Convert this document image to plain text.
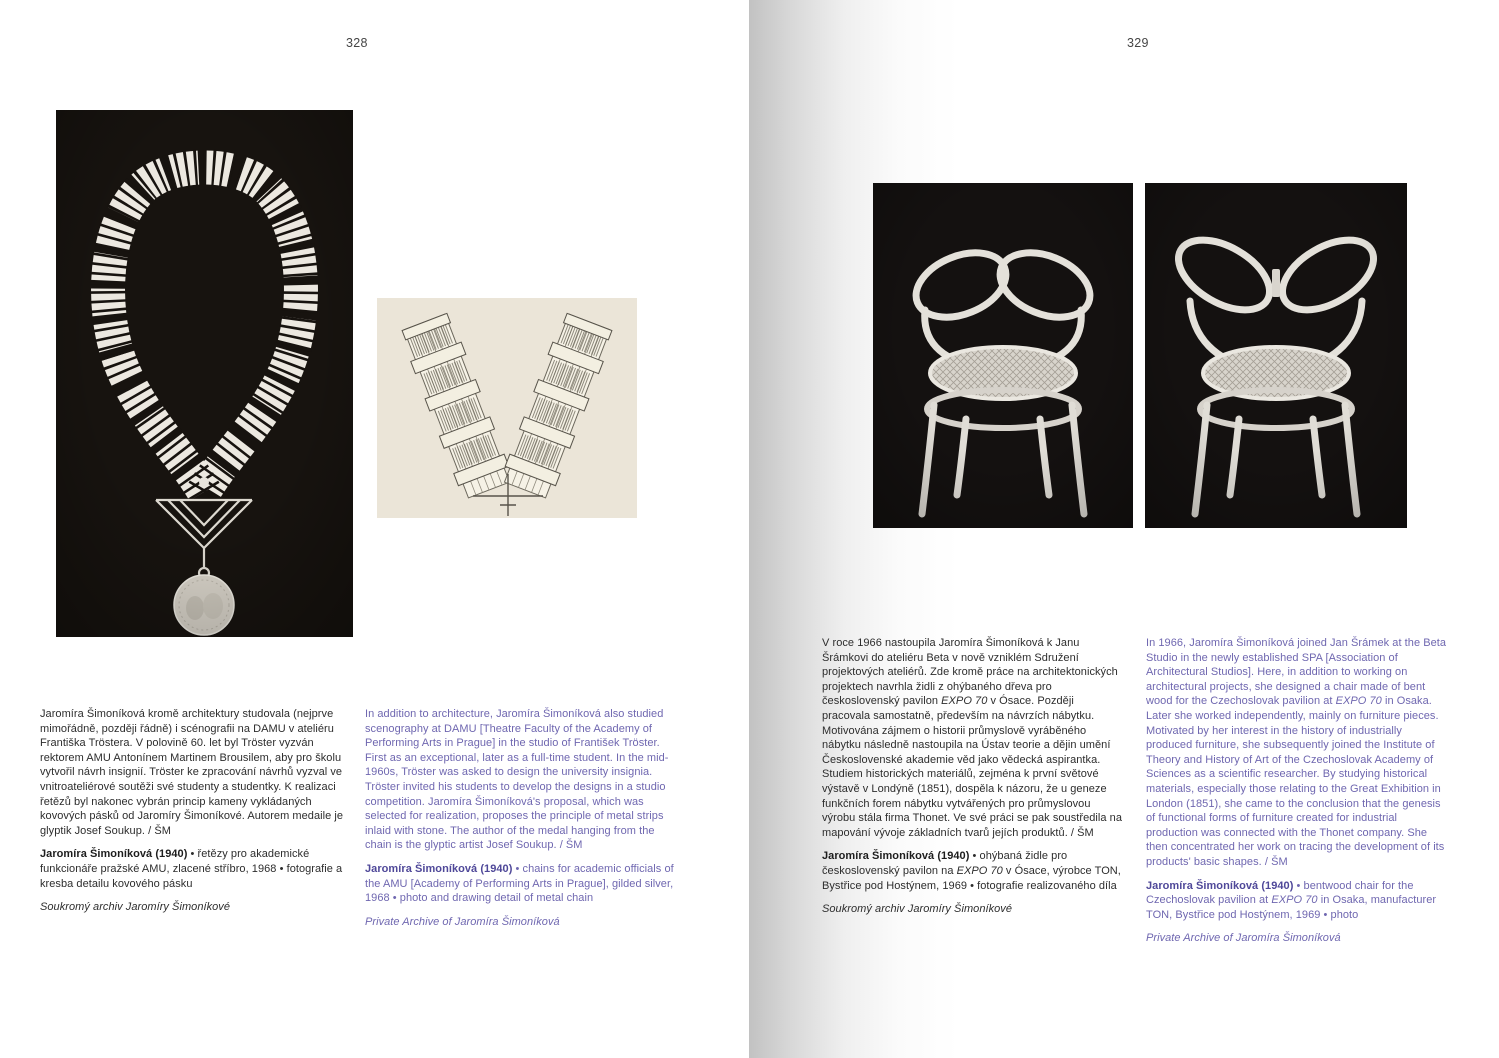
328

Jaromíra Šimoníková kromě architektury studovala (nejprve mimořádně, později řádně) i scénografii na DAMU v ateliéru Františka Tröstera. V polovině 60. let byl Tröster vyzván rektorem AMU Antonínem Martinem Brousilem, aby pro školu vytvořil návrh insignií. Tröster ke zpracování návrhů vyzval ve vnitroateliérové soutěži své studenty a studentky. K realizaci řetězů byl nakonec vybrán princip kameny vykládaných kovových pásků od Jaromíry Šimoníkové. Autorem medaile je glyptik Josef Soukup. / ŠM

Jaromíra Šimoníková (1940) • řetězy pro akademické funkcionáře pražské AMU, zlacené stříbro, 1968 • fotografie a kresba detailu kovového pásku

Soukromý archiv Jaromíry Šimoníkové

In addition to architecture, Jaromíra Šimoníková also studied scenography at DAMU [Theatre Faculty of the Academy of Performing Arts in Prague] in the studio of František Tröster. First as an exceptional, later as a full-time student. In the mid-1960s, Tröster was asked to design the university insignia. Tröster invited his students to develop the designs in a studio competition. Jaromíra Šimoníková's proposal, which was selected for realization, proposes the principle of metal strips inlaid with stone. The author of the medal hanging from the chain is the glyptic artist Josef Soukup. / ŠM

Jaromíra Šimoníková (1940) • chains for academic officials of the AMU [Academy of Performing Arts in Prague], gilded silver, 1968 • photo and drawing detail of metal chain

Private Archive of Jaromíra Šimoníková

329

V roce 1966 nastoupila Jaromíra Šimoníková k Janu Šrámkovi do ateliéru Beta v nově vzniklém Sdružení projektových ateliérů. Zde kromě práce na architektonických projektech navrhla židli z ohýbaného dřeva pro československý pavilon EXPO 70 v Ósace. Později pracovala samostatně, především na návrzích nábytku. Motivována zájmem o historii průmyslově vyráběného nábytku následně nastoupila na Ústav teorie a dějin umění Československé akademie věd jako vědecká aspirantka. Studiem historických materiálů, zejména k první světové výstavě v Londýně (1851), dospěla k názoru, že u geneze funkčních forem nábytku vytvářených pro průmyslovou výrobu stála firma Thonet. Ve své práci se pak soustředila na mapování vývoje základních tvarů jejích produktů. / ŠM

Jaromíra Šimoníková (1940) • ohýbaná židle pro československý pavilon na EXPO 70 v Ósace, výrobce TON, Bystřice pod Hostýnem, 1969 • fotografie realizovaného díla

Soukromý archiv Jaromíry Šimoníkové

In 1966, Jaromíra Šimoníková joined Jan Šrámek at the Beta Studio in the newly established SPA [Association of Architectural Studios]. Here, in addition to working on architectural projects, she designed a chair made of bent wood for the Czechoslovak pavilion at EXPO 70 in Osaka. Later she worked independently, mainly on furniture pieces. Motivated by her interest in the history of industrially produced furniture, she subsequently joined the Institute of Theory and History of Art of the Czechoslovak Academy of Sciences as a scientific researcher. By studying historical materials, especially those relating to the Great Exhibition in London (1851), she came to the conclusion that the genesis of functional forms of furniture created for industrial production was connected with the Thonet company. She then concentrated her work on tracing the development of its products' basic shapes. / ŠM

Jaromíra Šimoníková (1940) • bentwood chair for the Czechoslovak pavilion at EXPO 70 in Osaka, manufacturer TON, Bystřice pod Hostýnem, 1969 • photo

Private Archive of Jaromíra Šimoníková
